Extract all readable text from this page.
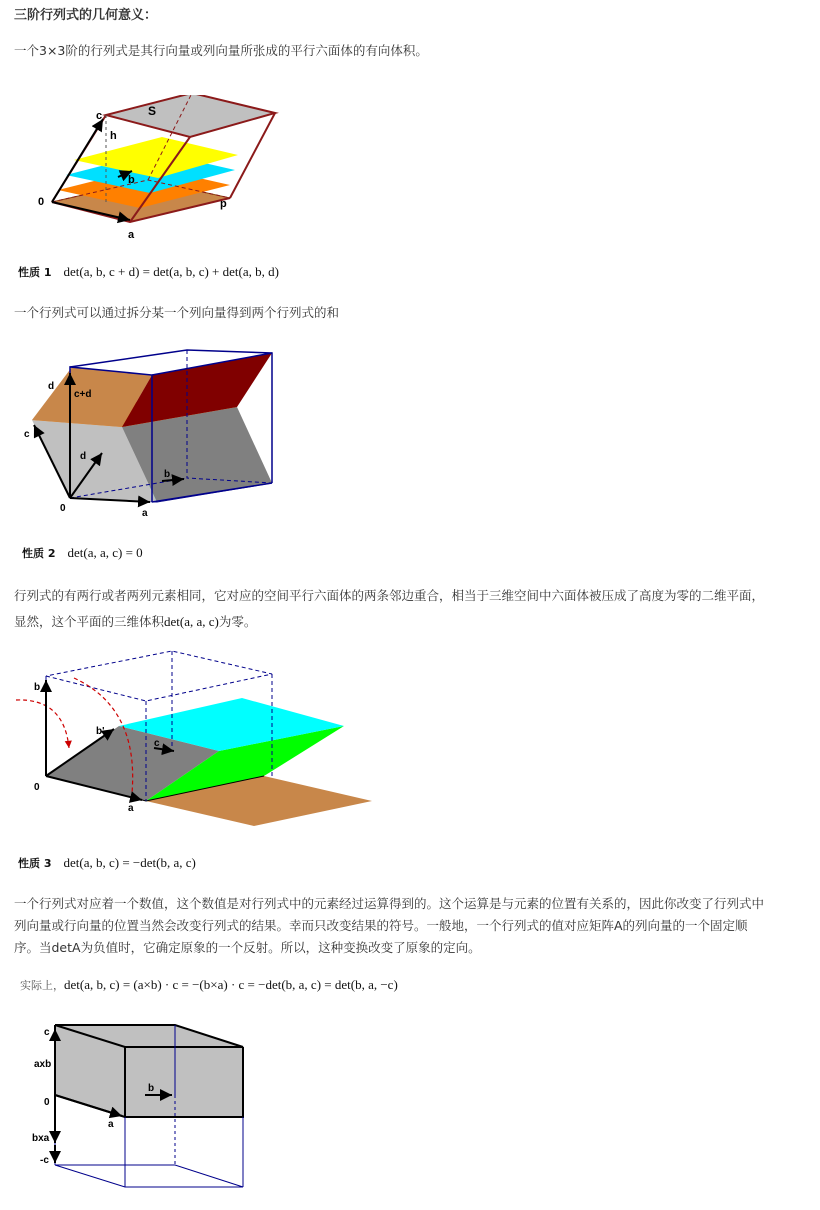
三阶行列式的几何意义：
一个3×3阶的行列式是其行向量或列向量所张成的平行六面体的有向体积。
c
h
S
b
0	p
a
性质 1 det(a, b, c + d) = det(a, b, c) + det(a, b, d)
一个行列式可以通过拆分某一个列向量得到两个行列式的和
d
c+d
c
d
b
0	a
性质 2 det(a, a, c) = 0
行列式的有两行或者两列元素相同，它对应的空间平行六面体的两条邻边重合，相当于三维空间中六面体被压成了高度为零的二维平面，
显然，这个平面的三维体积det(a, a, c)为零。
b
b'
c
0
a
性质 3 det(a, b, c) = −det(b, a, c)
一个行列式对应着一个数值，这个数值是对行列式中的元素经过运算得到的。这个运算是与元素的位置有关系的，因此你改变了行列式中
列向量或行向量的位置当然会改变行列式的结果。幸而只改变结果的符号。一般地，一个行列式的值对应矩阵A的列向量的一个固定顺
序。当detA为负值时，它确定原象的一个反射。所以，这种变换改变了原象的定向。
实际上，det(a, b, c) = (a×b) · c = −(b×a) · c = −det(b, a, c) = det(b, a, −c)
c
axb
0
b
a
bxa
-c
